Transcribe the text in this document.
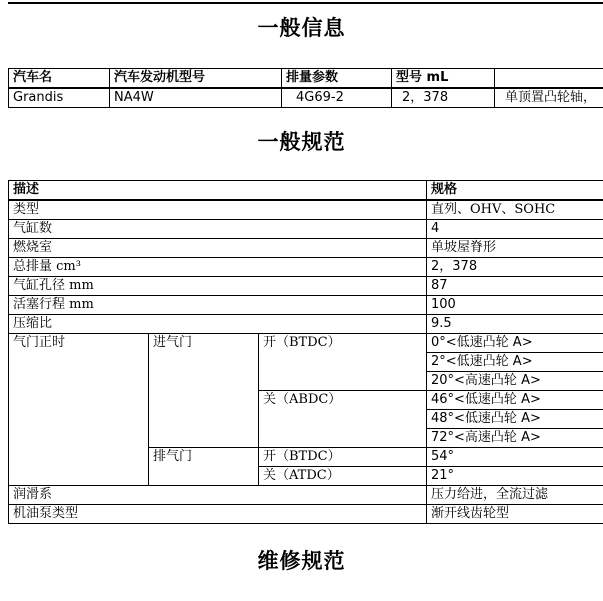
一般信息
汽车名	汽车发动机型号	排量参数	型号 mL	
Grandis	NA4W	4G69-2	2，378	单顶置凸轮轴，
一般规范
描述			规格
类型			直列、OHV、SOHC
气缸数			4
燃烧室			单坡屋脊形
总排量 cm³			2，378
气缸孔径 mm			87
活塞行程 mm			100
压缩比			9.5
气门正时	进气门	开（BTDC）	0°<低速凸轮 A>
			2°<低速凸轮 A>
			20°<高速凸轮 A>
		关（ABDC）	46°<低速凸轮 A>
			48°<低速凸轮 A>
			72°<高速凸轮 A>
	排气门	开（BTDC）	54°
		关（ATDC）	21°
润滑系			压力给进，全流过滤
机油泵类型			渐开线齿轮型
维修规范
